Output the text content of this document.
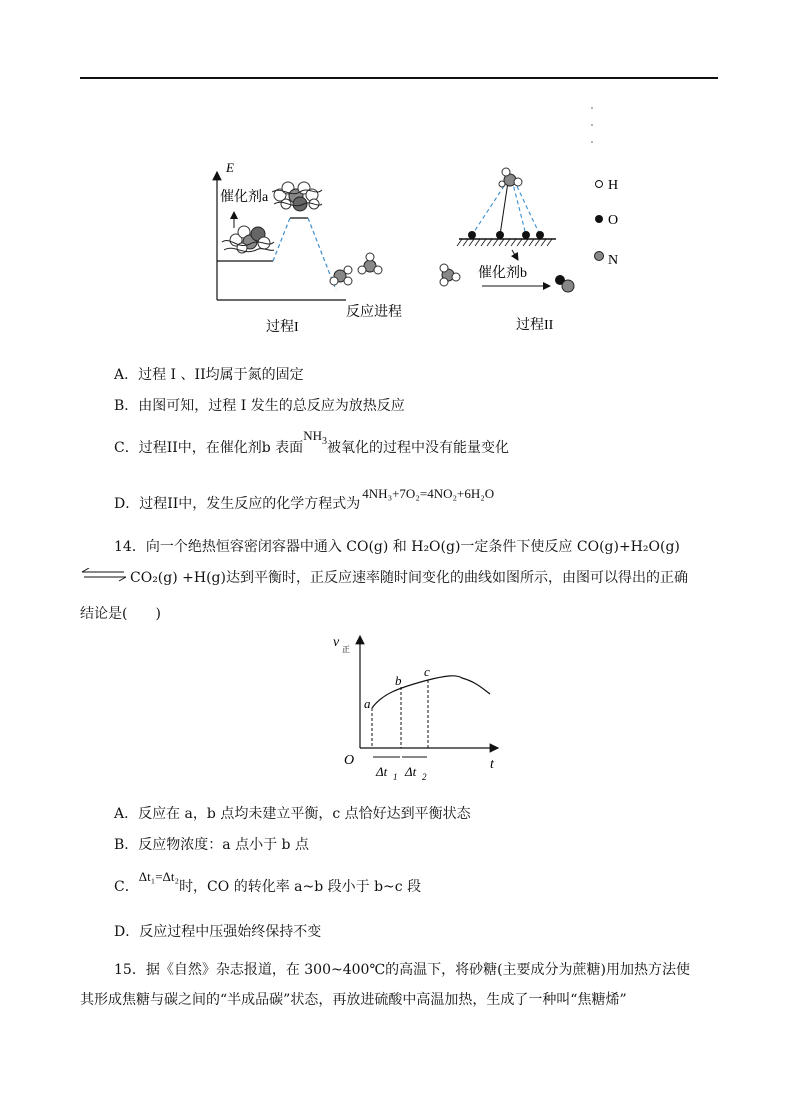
E
催化剂a
反应进程
过程I
催化剂b
过程II
H
O
N
A．过程 I 、II均属于氮的固定
B．由图可知，过程 I 发生的总反应为放热反应
C．过程II中，在催化剂b 表面$NH_3$被氧化的过程中没有能量变化
D．过程II中，发生反应的化学方程式为4NH₃+7O₂=4NO₂+6H₂O
14．向一个绝热恒容密闭容器中通入 CO(g) 和 H₂O(g)一定条件下使反应 CO(g)+H₂O(g)
⇌ CO₂(g) +H(g)达到平衡时，正反应速率随时间变化的曲线如图所示，由图可以得出的正确
结论是(　　)
v 正
O	t
a
b
c
Δt 1 Δt 2
A．反应在 a，b 点均未建立平衡，c 点恰好达到平衡状态
B．反应物浓度：a 点小于 b 点
C．Δt₁=Δt₂时，CO 的转化率 a~b 段小于 b~c 段
D．反应过程中压强始终保持不变
15．据《自然》杂志报道，在 300~400℃的高温下，将砂糖(主要成分为蔗糖)用加热方法使
其形成焦糖与碳之间的“半成品碳”状态，再放进硫酸中高温加热，生成了一种叫“焦糖烯”
